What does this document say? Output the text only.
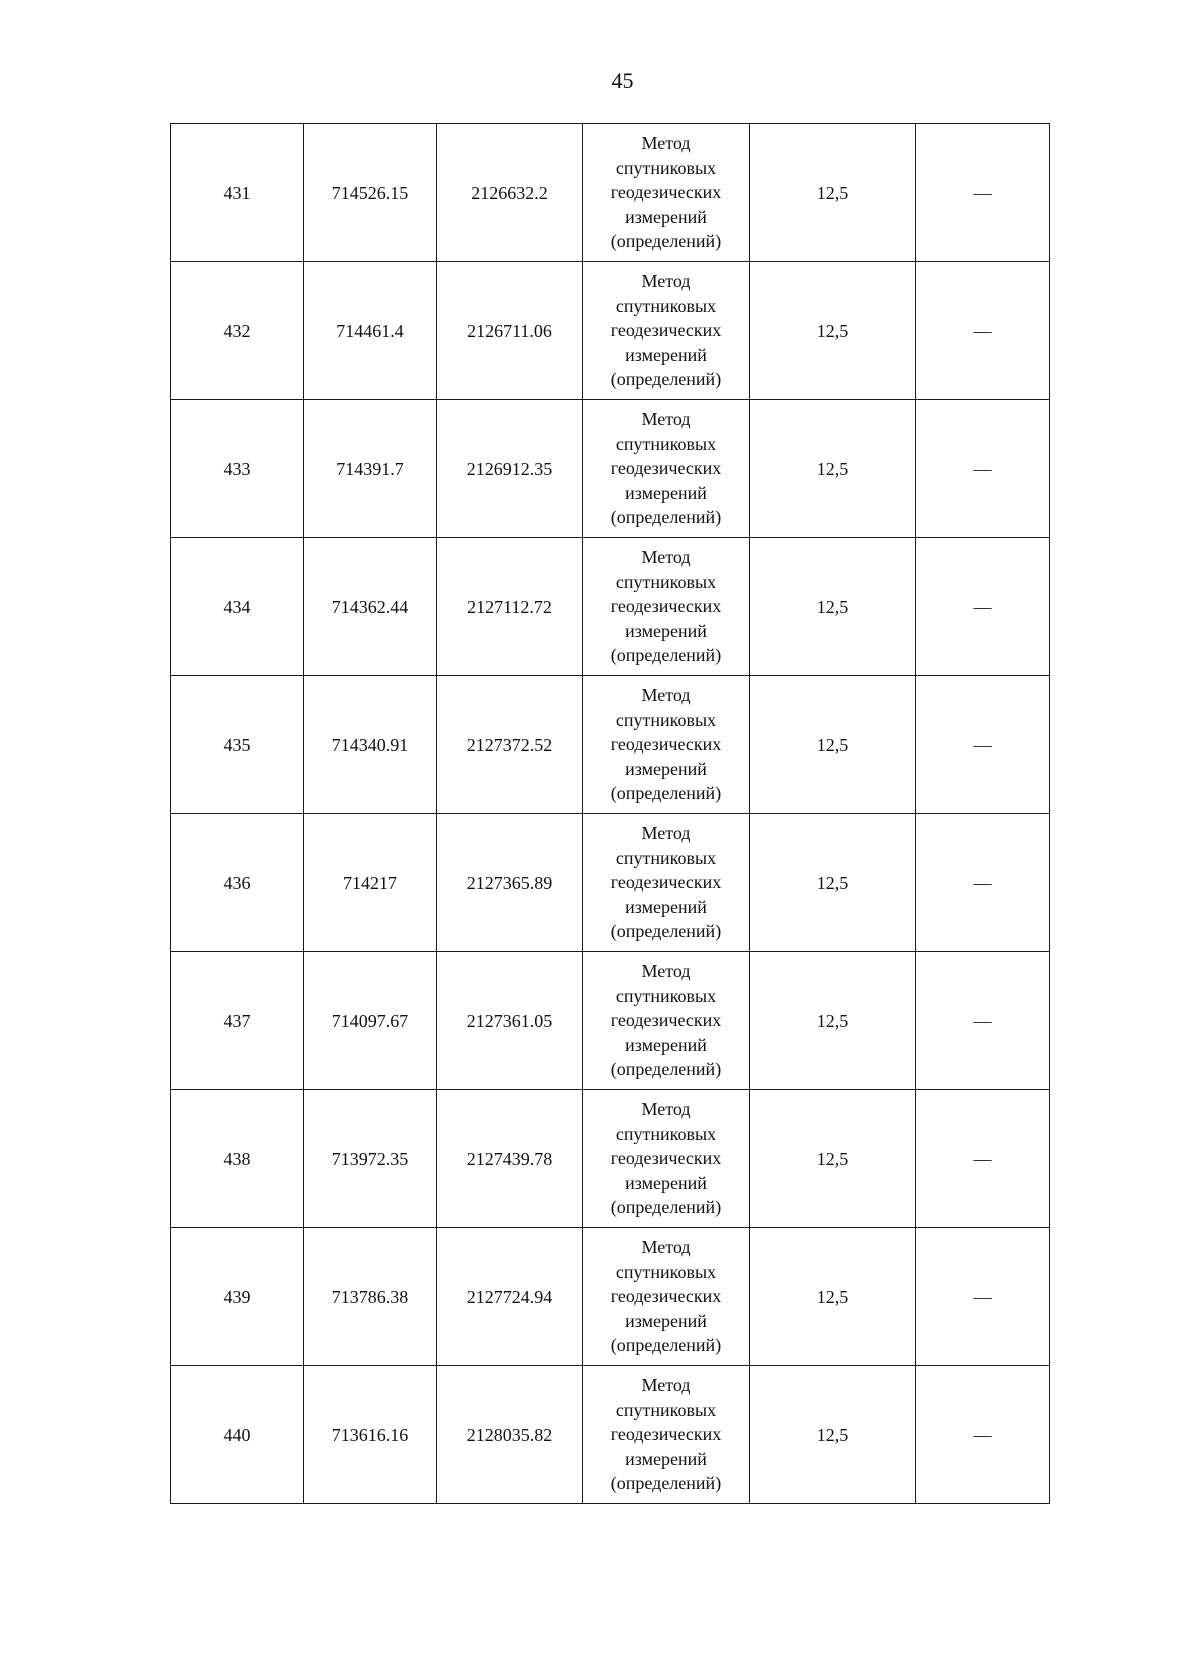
45
431	714526.15	2126632.2	Метод
спутниковых
геодезических
измерений
(определений)	12,5	—
432	714461.4	2126711.06	Метод
спутниковых
геодезических
измерений
(определений)	12,5	—
433	714391.7	2126912.35	Метод
спутниковых
геодезических
измерений
(определений)	12,5	—
434	714362.44	2127112.72	Метод
спутниковых
геодезических
измерений
(определений)	12,5	—
435	714340.91	2127372.52	Метод
спутниковых
геодезических
измерений
(определений)	12,5	—
436	714217	2127365.89	Метод
спутниковых
геодезических
измерений
(определений)	12,5	—
437	714097.67	2127361.05	Метод
спутниковых
геодезических
измерений
(определений)	12,5	—
438	713972.35	2127439.78	Метод
спутниковых
геодезических
измерений
(определений)	12,5	—
439	713786.38	2127724.94	Метод
спутниковых
геодезических
измерений
(определений)	12,5	—
440	713616.16	2128035.82	Метод
спутниковых
геодезических
измерений
(определений)	12,5	—
